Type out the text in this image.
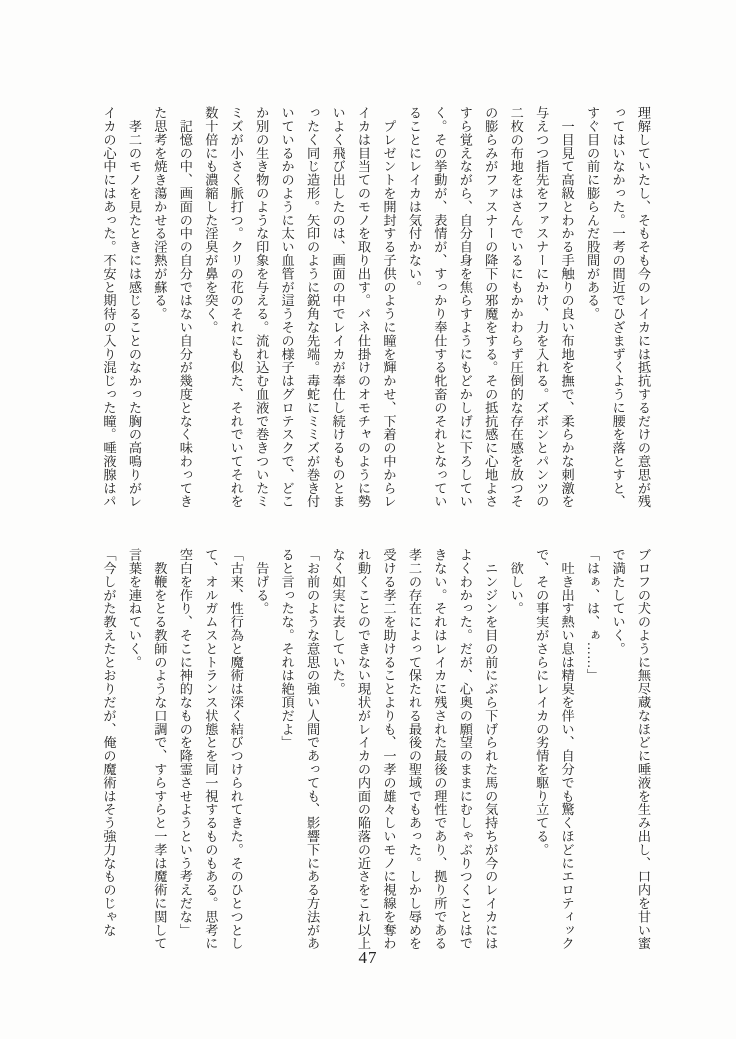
理解していたし、そもそも今のレイカには抵抗するだけの意思が残
ってはいなかった。一考の間近でひざまずくように腰を落とすと、
すぐ目の前に膨らんだ股間がある。
　一目見て高級とわかる手触りの良い布地を撫で、柔らかな刺激を
与えつつ指先をファスナーにかけ、力を入れる。ズボンとパンツの
二枚の布地をはさんでいるにもかかわらず圧倒的な存在感を放つそ
の膨らみがファスナーの降下の邪魔をする。その抵抗感に心地よさ
すら覚えながら、自分自身を焦らすようにもどかしげに下ろしてい
く。その挙動が、表情が、すっかり奉仕する牝畜のそれとなってい
ることにレイカは気付かない。
　プレゼントを開封する子供のように瞳を輝かせ、下着の中からレ
イカは目当てのモノを取り出す。バネ仕掛けのオモチャのように勢
いよく飛び出したのは、画面の中でレイカが奉仕し続けるものとま
ったく同じ造形。矢印のように鋭角な先端。毒蛇にミミズが巻き付
いているかのように太い血管が這うその様子はグロテスクで、どこ
か別の生き物のような印象を与える。流れ込む血液で巻きついたミ
ミズが小さく脈打つ。クリの花のそれにも似た、それでいてそれを
数十倍にも濃縮した淫臭が鼻を突く。
　記憶の中、画面の中の自分ではない自分が幾度となく味わってき
た思考を焼き蕩かせる淫熱が蘇る。
　孝二のモノを見たときには感じることのなかった胸の高鳴りがレ
イカの心中にはあった。不安と期待の入り混じった瞳。唾液腺はパ
ブロフの犬のように無尽蔵なほどに唾液を生み出し、口内を甘い蜜
で満たしていく。
「はぁ、は、ぁ……」
　吐き出す熱い息は精臭を伴い、自分でも驚くほどにエロティック
で、その事実がさらにレイカの劣情を駆り立てる。
　欲しい。
　ニンジンを目の前にぶら下げられた馬の気持ちが今のレイカには
よくわかった。だが、心奥の願望のままにむしゃぶりつくことはで
きない。それはレイカに残された最後の理性であり、拠り所である
孝二の存在によって保たれる最後の聖域でもあった。しかし辱めを
受ける孝二を助けることよりも、一孝の雄々しいモノに視線を奪わ
れ動くことのできない現状がレイカの内面の陥落の近さをこれ以上
なく如実に表していた。
「お前のような意思の強い人間であっても、影響下にある方法があ
ると言ったな。それは絶頂だよ」
　告げる。
「古来、性行為と魔術は深く結びつけられてきた。そのひとつとし
て、オルガムスとトランス状態とを同一視するものもある。思考に
空白を作り、そこに神的なものを降霊させようという考えだな」
　教鞭をとる教師のような口調で、すらすらと一孝は魔術に関して
言葉を連ねていく。
「今しがた教えたとおりだが、俺の魔術はそう強力なものじゃな
47
